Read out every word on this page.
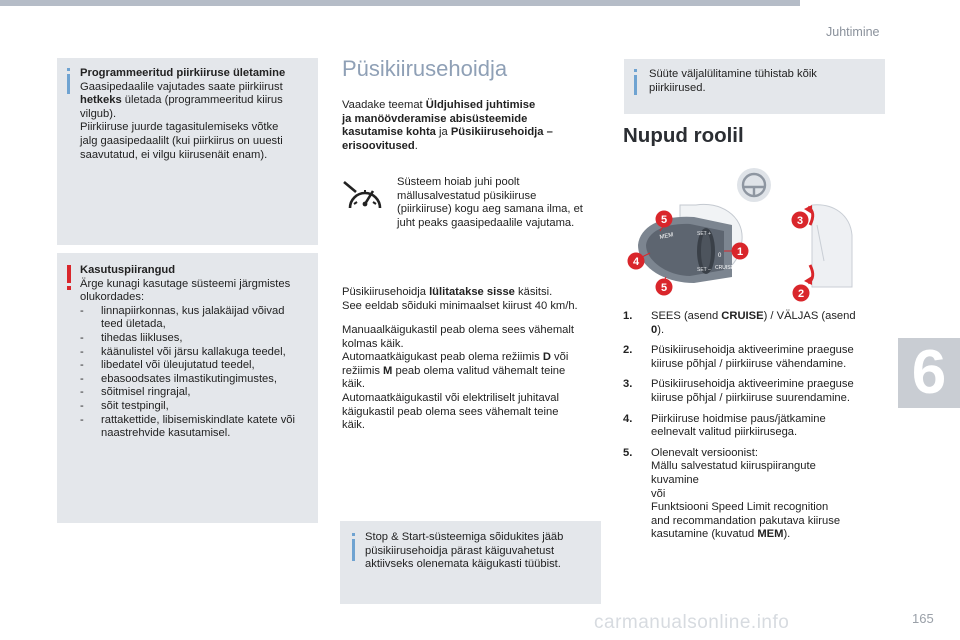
Juhtimine
6
carmanualsonline.info	165
Programmeeritud piirkiiruse ületamine
Gaasipedaalile vajutades saate piirkiirust
hetkeks ületada (programmeeritud kiirus
vilgub).
Piirkiiruse juurde tagasitulemiseks võtke
jalg gaasipedaalilt (kui piirkiirus on uuesti
saavutatud, ei vilgu kiirusenäit enam).
Kasutuspiirangud
Ärge kunagi kasutage süsteemi järgmistes
olukordades:
- linnapiirkonnas, kus jalakäijad võivad
teed ületada,
- tihedas liikluses,
- käänulistel või järsu kallakuga teedel,
- libedatel või üleujutatud teedel,
- ebasoodsates ilmastikutingimustes,
- sõitmisel ringrajal,
- sõit testpingil,
- rattakettide, libisemiskindlate katete või
naastrehvide kasutamisel.
Püsikiirusehoidja
Vaadake teemat Üldjuhised juhtimise
ja manöövderamise abisüsteemide
kasutamise kohta ja Püsikiirusehoidja –
erisoovitused.
Süsteem hoiab juhi poolt
mällusalvestatud püsikiiruse
(piirkiiruse) kogu aeg samana ilma, et
juht peaks gaasipedaalile vajutama.
Püsikiirusehoidja lülitatakse sisse käsitsi.
See eeldab sõiduki minimaalset kiirust 40 km/h.
Manuaalkäigukastil peab olema sees vähemalt
kolmas käik.
Automaatkäigukast peab olema režiimis D või
režiimis M peab olema valitud vähemalt teine
käik.
Automaatkäigukastil või elektriliselt juhitaval
käigukastil peab olema sees vähemalt teine
käik.
Stop & Start-süsteemiga sõidukites jääb
püsikiirusehoidja pärast käiguvahetust
aktiivseks olenemata käigukasti tüübist.
Süüte väljalülitamine tühistab kõik
piirkiirused.
Nupud roolil
MEM	SET +
SET –
0
CRUISE
5
1
4
5
3
2
1. SEES (asend CRUISE) / VÄLJAS (asend
0).
2. Püsikiirusehoidja aktiveerimine praeguse
kiiruse põhjal / piirkiiruse vähendamine.
3. Püsikiirusehoidja aktiveerimine praeguse
kiiruse põhjal / piirkiiruse suurendamine.
4. Piirkiiruse hoidmise paus/jätkamine
eelnevalt valitud piirkiirusega.
5. Olenevalt versioonist:
Mällu salvestatud kiiruspiirangute
kuvamine
või
Funktsiooni Speed Limit recognition
and recommandation pakutava kiiruse
kasutamine (kuvatud MEM).
